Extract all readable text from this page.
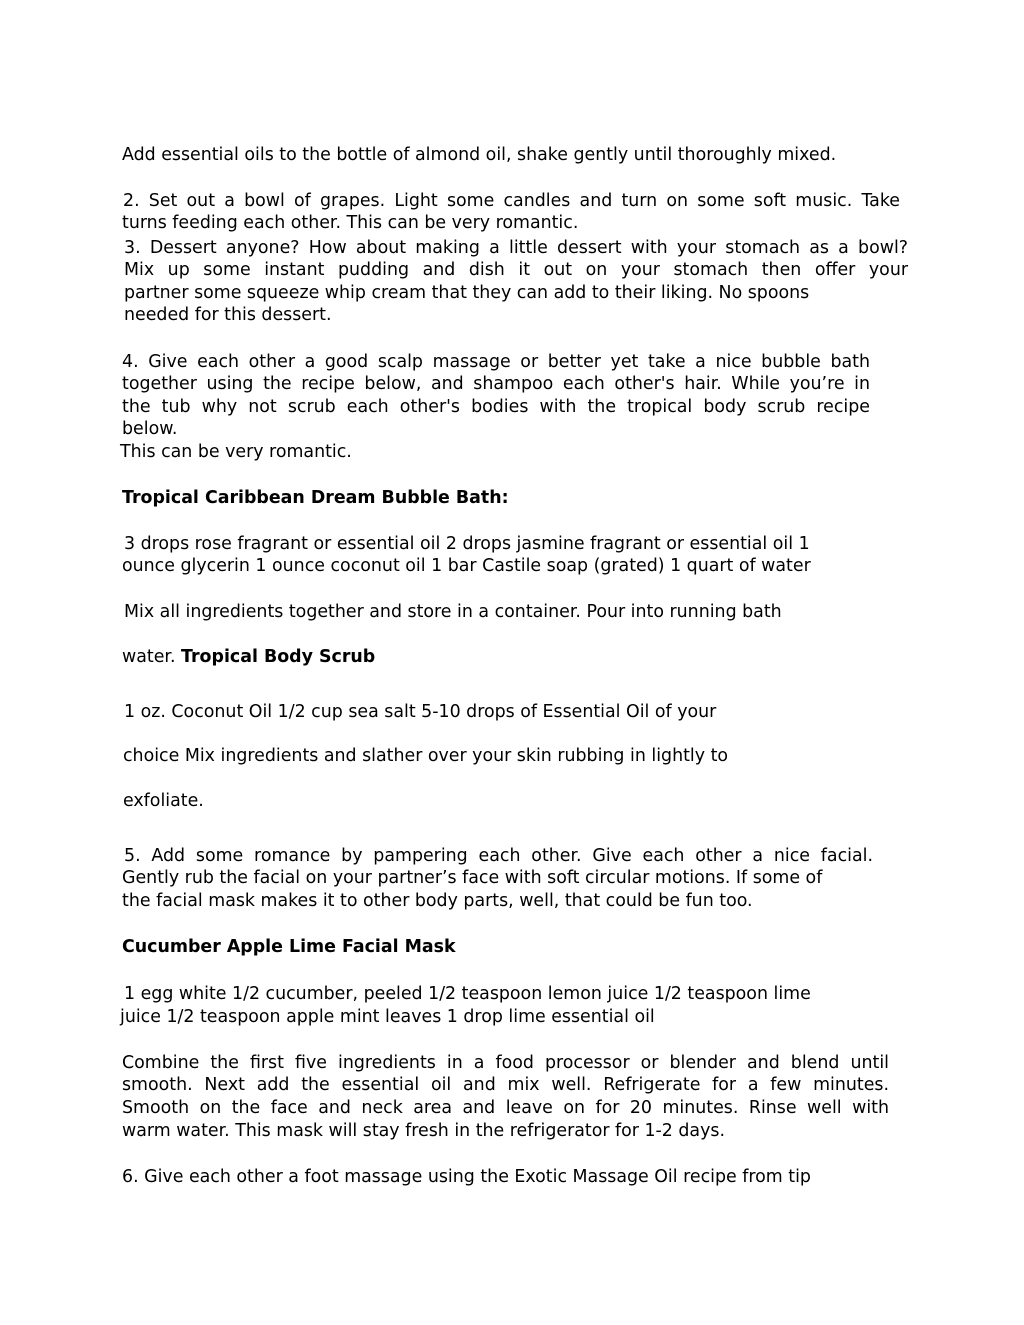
Add essential oils to the bottle of almond oil, shake gently until thoroughly mixed.

2. Set out a bowl of grapes. Light some candles and turn on some soft music. Take

turns feeding each other. This can be very romantic.

3. Dessert anyone? How about making a little dessert with your stomach as a bowl?

Mix up some instant pudding and dish it out on your stomach then offer your

partner some squeeze whip cream that they can add to their liking. No spoons

needed for this dessert.

4. Give each other a good scalp massage or better yet take a nice bubble bath

together using the recipe below, and shampoo each other's hair. While you’re in

the tub why not scrub each other's bodies with the tropical body scrub recipe

below.

This can be very romantic.

Tropical Caribbean Dream Bubble Bath:

3 drops rose fragrant or essential oil 2 drops jasmine fragrant or essential oil 1

ounce glycerin 1 ounce coconut oil 1 bar Castile soap (grated) 1 quart of water

Mix all ingredients together and store in a container. Pour into running bath

water. Tropical Body Scrub

1 oz. Coconut Oil 1/2 cup sea salt 5-10 drops of Essential Oil of your

choice Mix ingredients and slather over your skin rubbing in lightly to

exfoliate.

5. Add some romance by pampering each other. Give each other a nice facial.

Gently rub the facial on your partner’s face with soft circular motions. If some of

the facial mask makes it to other body parts, well, that could be fun too.

Cucumber Apple Lime Facial Mask

1 egg white 1/2 cucumber, peeled 1/2 teaspoon lemon juice 1/2 teaspoon lime

juice 1/2 teaspoon apple mint leaves 1 drop lime essential oil

Combine the first five ingredients in a food processor or blender and blend until

smooth. Next add the essential oil and mix well. Refrigerate for a few minutes.

Smooth on the face and neck area and leave on for 20 minutes. Rinse well with

warm water. This mask will stay fresh in the refrigerator for 1-2 days.

6. Give each other a foot massage using the Exotic Massage Oil recipe from tip
